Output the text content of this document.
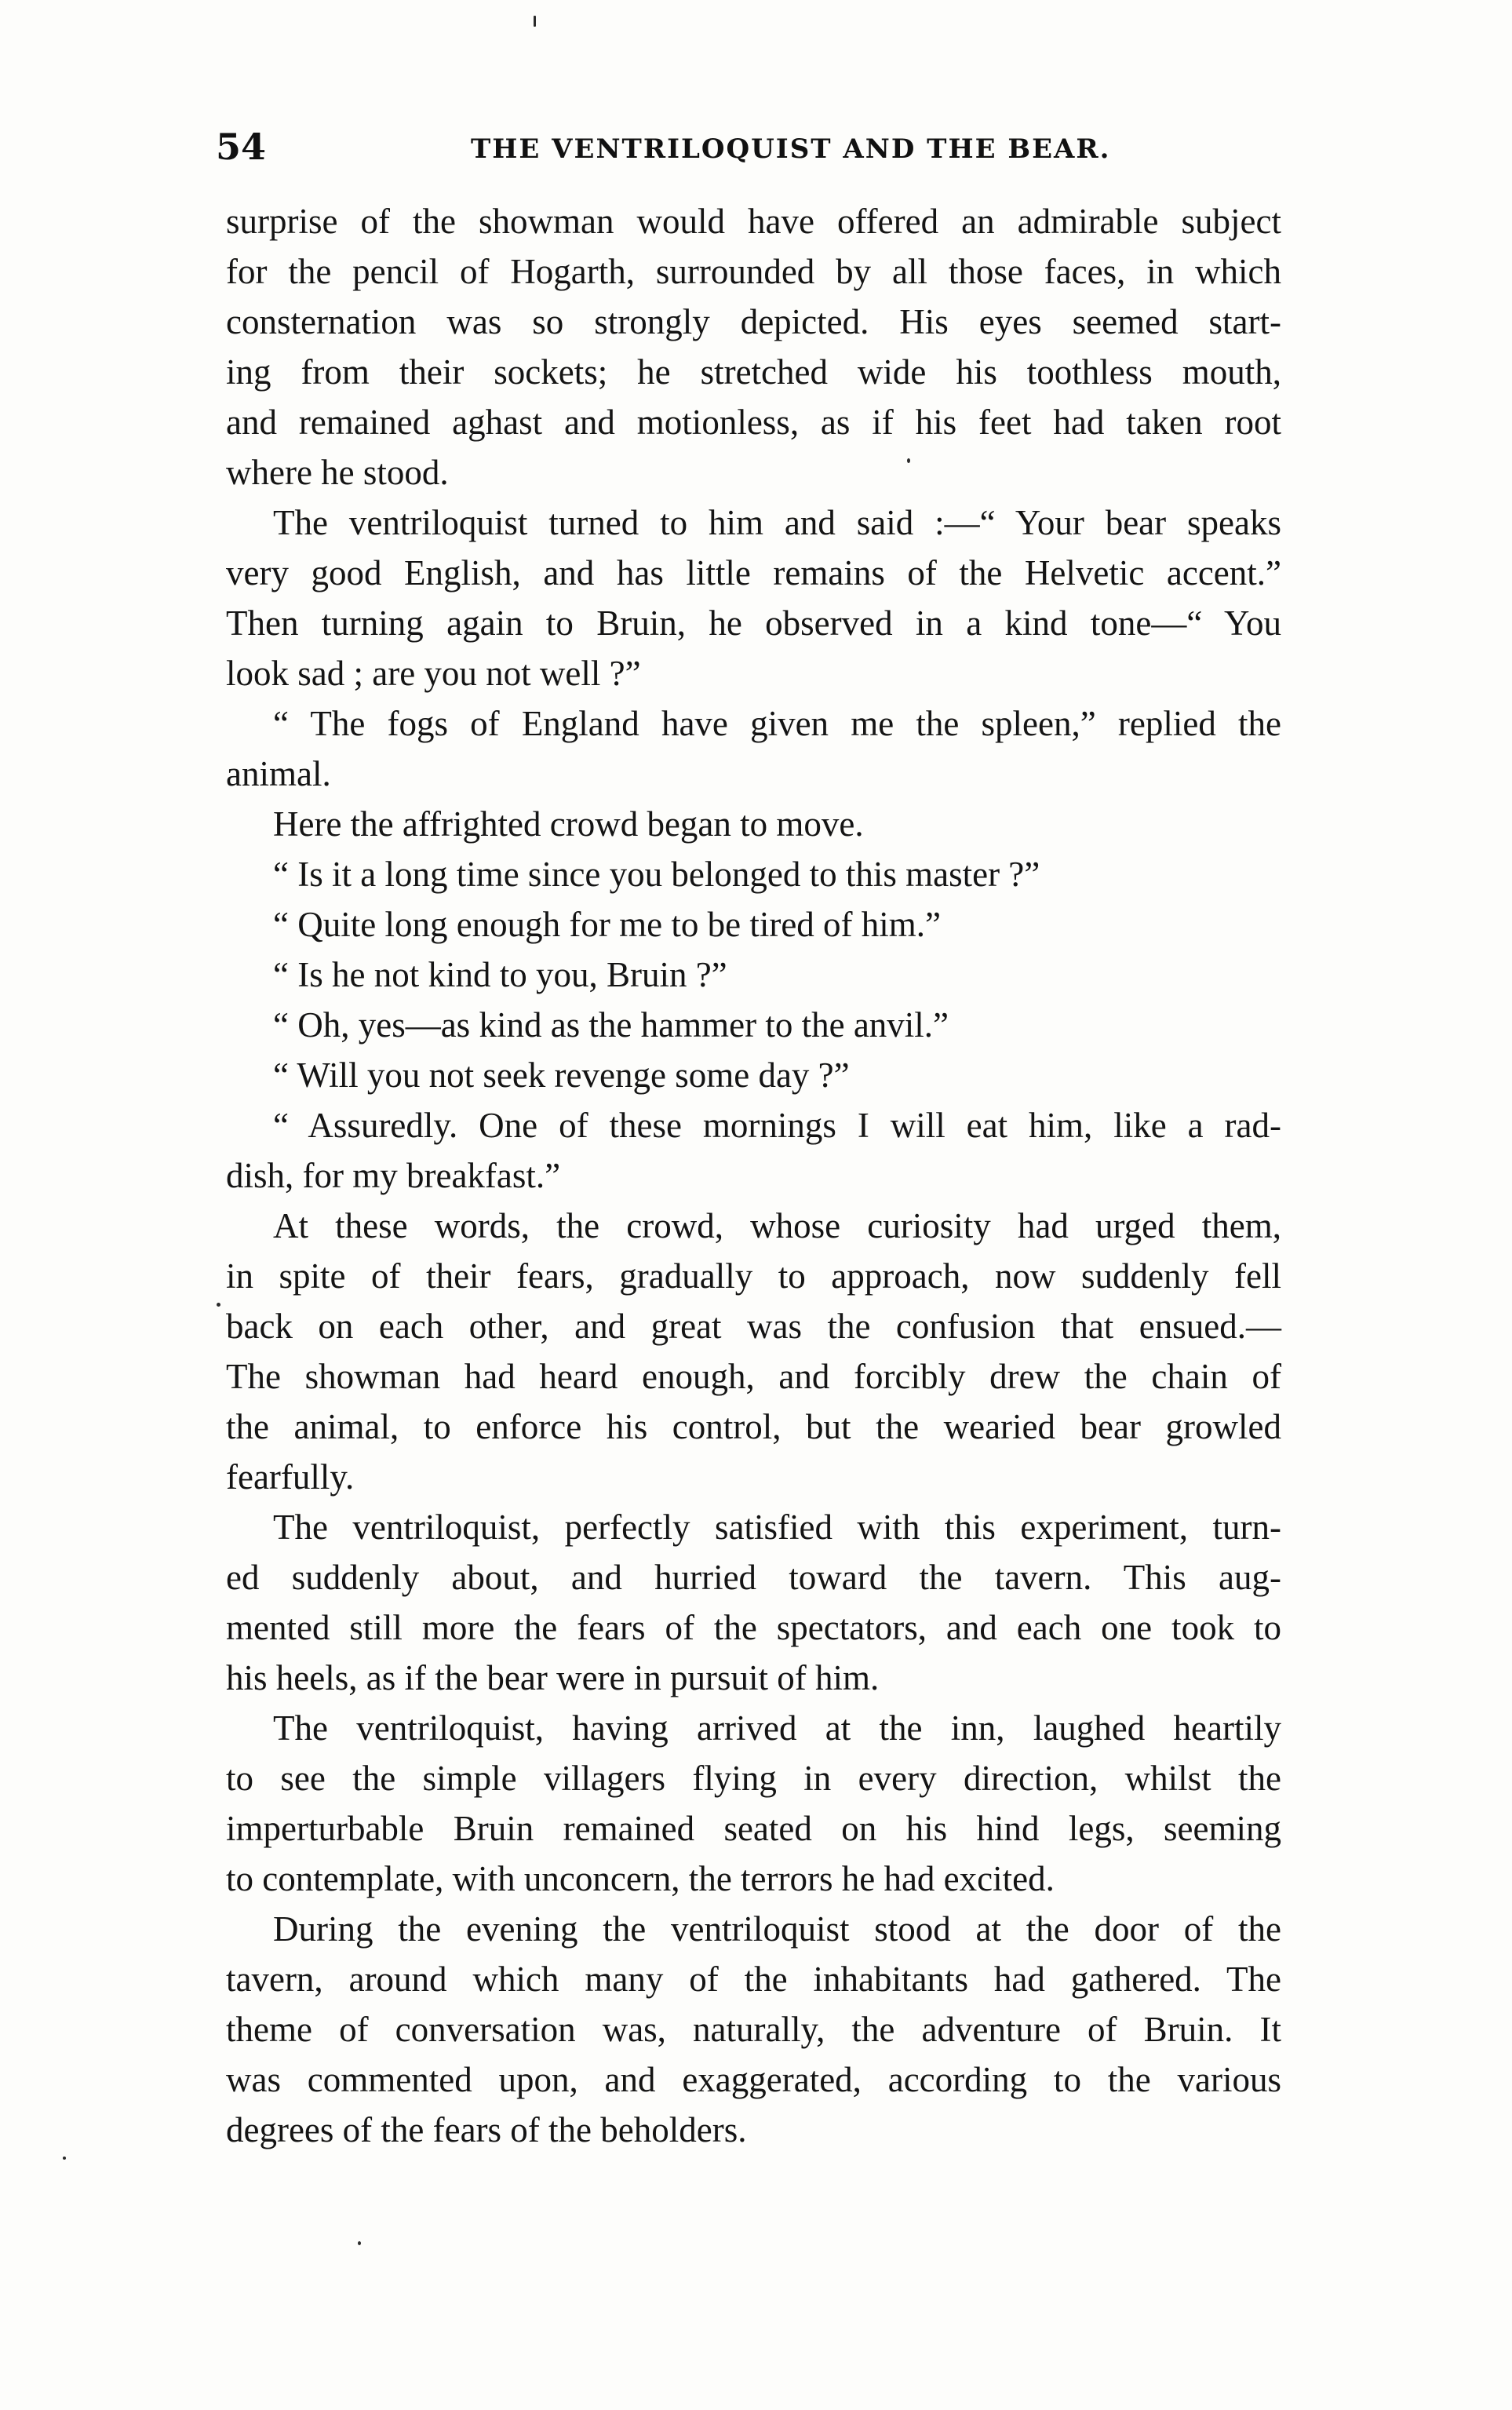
54	THE VENTRILOQUIST AND THE BEAR.
surprise of the showman would have offered an admirable subject
for the pencil of Hogarth, surrounded by all those faces, in which
consternation was so strongly depicted. His eyes seemed start-
ing from their sockets; he stretched wide his toothless mouth,
and remained aghast and motionless, as if his feet had taken root
where he stood.
The ventriloquist turned to him and said :—“ Your bear speaks
very good English, and has little remains of the Helvetic accent.”
Then turning again to Bruin, he observed in a kind tone—“ You
look sad ; are you not well ?”
“ The fogs of England have given me the spleen,” replied the
animal.
Here the affrighted crowd began to move.
“ Is it a long time since you belonged to this master ?”
“ Quite long enough for me to be tired of him.”
“ Is he not kind to you, Bruin ?”
“ Oh, yes—as kind as the hammer to the anvil.”
“ Will you not seek revenge some day ?”
“ Assuredly. One of these mornings I will eat him, like a rad-
dish, for my breakfast.”
At these words, the crowd, whose curiosity had urged them,
in spite of their fears, gradually to approach, now suddenly fell
back on each other, and great was the confusion that ensued.—
The showman had heard enough, and forcibly drew the chain of
the animal, to enforce his control, but the wearied bear growled
fearfully.
The ventriloquist, perfectly satisfied with this experiment, turn-
ed suddenly about, and hurried toward the tavern. This aug-
mented still more the fears of the spectators, and each one took to
his heels, as if the bear were in pursuit of him.
The ventriloquist, having arrived at the inn, laughed heartily
to see the simple villagers flying in every direction, whilst the
imperturbable Bruin remained seated on his hind legs, seeming
to contemplate, with unconcern, the terrors he had excited.
During the evening the ventriloquist stood at the door of the
tavern, around which many of the inhabitants had gathered. The
theme of conversation was, naturally, the adventure of Bruin. It
was commented upon, and exaggerated, according to the various
degrees of the fears of the beholders.
